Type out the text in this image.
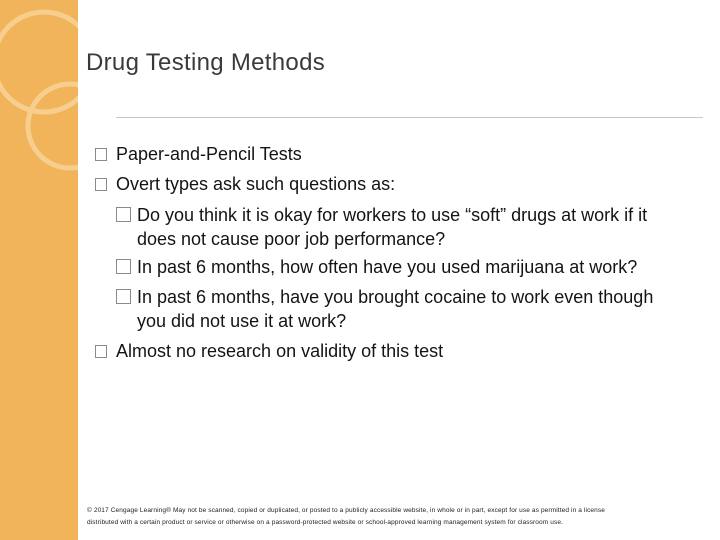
Drug Testing Methods
Paper-and-Pencil Tests
Overt types ask such questions as:
Do you think it is okay for workers to use “soft” drugs at work if it
does not cause poor job performance?
In past 6 months, how often have you used marijuana at work?
In past 6 months, have you brought cocaine to work even though
you did not use it at work?
Almost no research on validity of this test
© 2017 Cengage Learning® May not be scanned, copied or duplicated, or posted to a publicly accessible website, in whole or in part, except for use as permitted in a license
distributed with a certain product or service or otherwise on a password-protected website or school-approved learning management system for classroom use.
